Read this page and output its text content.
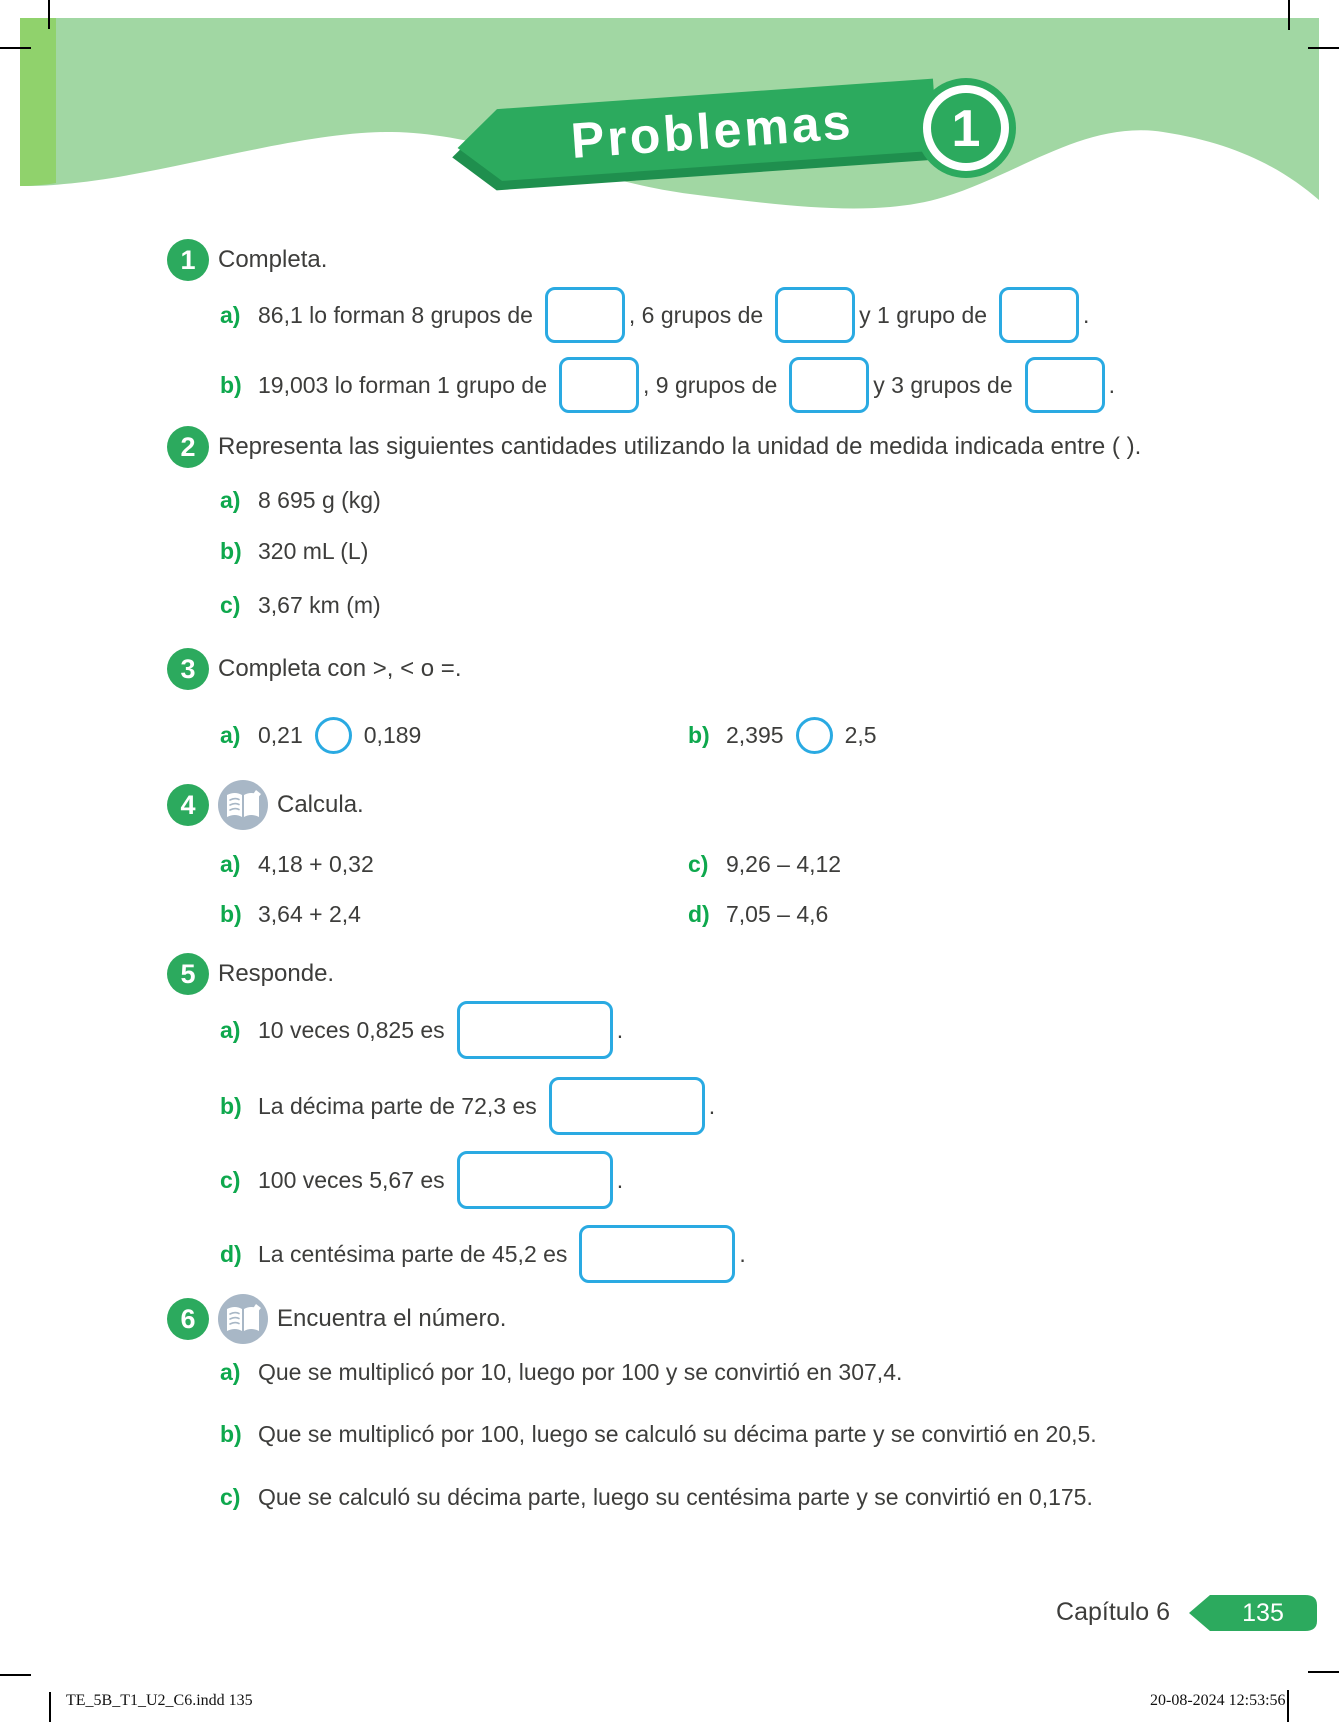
Problemas 1
1 Completa.
a) 86,1 lo forman 8 grupos de	, 6 grupos de	y 1 grupo de	.
b) 19,003 lo forman 1 grupo de	, 9 grupos de	y 3 grupos de	.
2 Representa las siguientes cantidades utilizando la unidad de medida indicada entre ( ).
a) 8 695 g (kg)
b) 320 mL (L)
c) 3,67 km (m)
3 Completa con >, < o =.
a) 0,21	0,189	b) 2,395	2,5
4	Calcula.
a) 4,18 + 0,32	c) 9,26 – 4,12
b) 3,64 + 2,4	d) 7,05 – 4,6
5 Responde.
a) 10 veces 0,825 es	.
b) La décima parte de 72,3 es	.
c) 100 veces 5,67 es	.
d) La centésima parte de 45,2 es	.
6	Encuentra el número.
a) Que se multiplicó por 10, luego por 100 y se convirtió en 307,4.
b) Que se multiplicó por 100, luego se calculó su décima parte y se convirtió en 20,5.
c) Que se calculó su décima parte, luego su centésima parte y se convirtió en 0,175.
Capítulo 6	135
TE_5B_T1_U2_C6.indd 135	20-08-2024 12:53:56
